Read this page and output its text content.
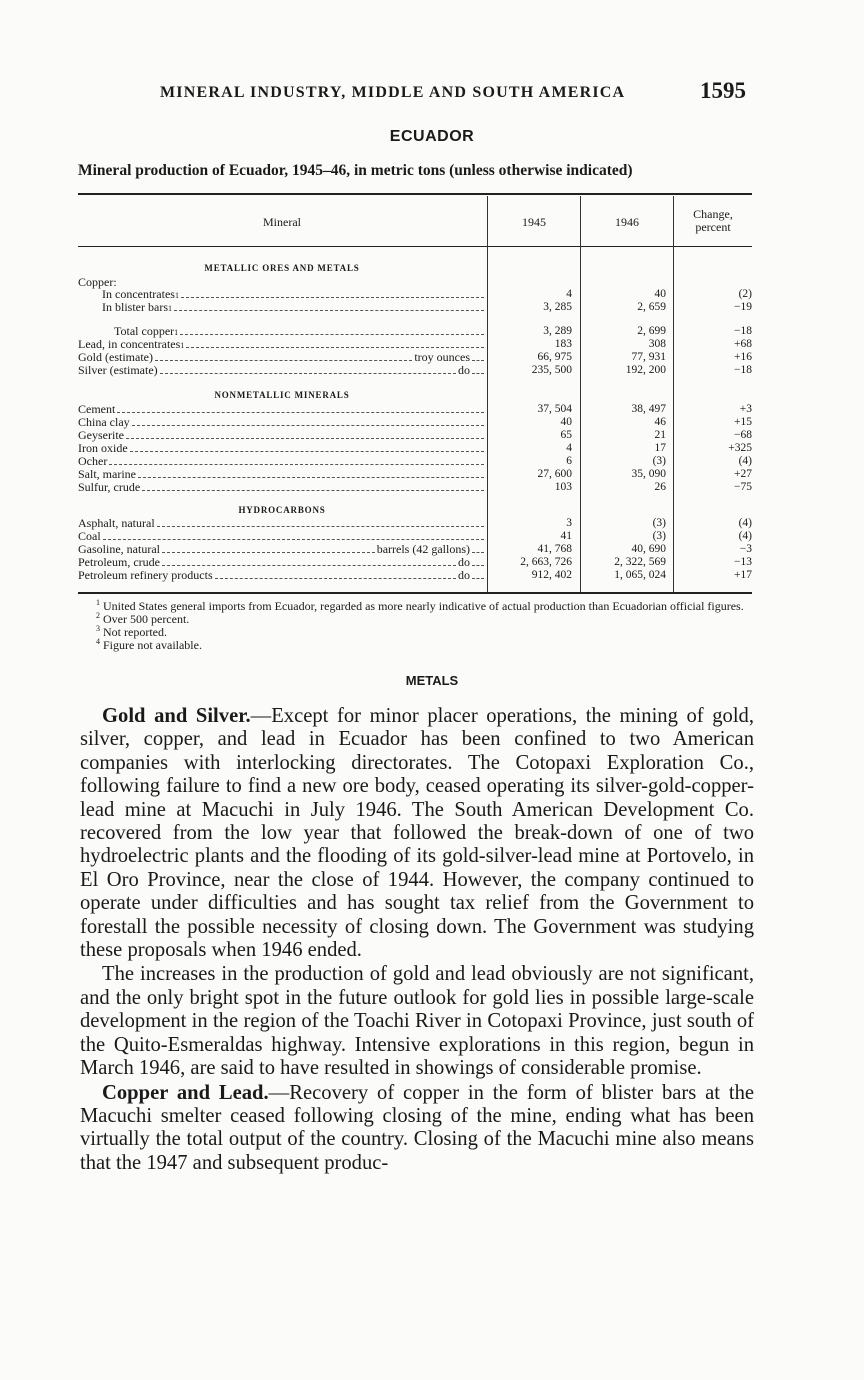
MINERAL INDUSTRY, MIDDLE AND SOUTH AMERICA	1595
ECUADOR
Mineral production of Ecuador, 1945–46, in metric tons (unless otherwise indicated)
Mineral	1945	1946
Change,
percent
METALLIC ORES AND METALS
NONMETALLIC MINERALS
HYDROCARBONS
Copper:
In concentrates 1	4	40	(2)
In blister bars 1	3, 285	2, 659	−19
Total copper 1	3, 289	2, 699	−18
Lead, in concentrates 1	183	308	+68
Gold (estimate)	troy ounces	66, 975	77, 931	+16
Silver (estimate)	do	235, 500	192, 200	−18
Cement	37, 504	38, 497	+3
China clay	40	46	+15
Geyserite	65	21	−68
Iron oxide	4	17	+325
Ocher	6	(3)	(4)
Salt, marine	27, 600	35, 090	+27
Sulfur, crude	103	26	−75
Asphalt, natural	3	(3)	(4)
Coal	41	(3)	(4)
Gasoline, natural	barrels (42 gallons)	41, 768	40, 690	−3
Petroleum, crude	do	2, 663, 726	2, 322, 569	−13
Petroleum refinery products	do	912, 402	1, 065, 024	+17
$^1$ United States general imports from Ecuador, regarded as more nearly indicative of actual production than Ecuadorian official figures.
$^2$ Over 500 percent.
$^3$ Not reported.
$^4$ Figure not available.
METALS

Gold and Silver.—Except for minor placer operations, the mining of gold, silver, copper, and lead in Ecuador has been confined to two American companies with interlocking directorates. The Cotopaxi Exploration Co., following failure to find a new ore body, ceased operating its silver-gold-copper-lead mine at Macuchi in July 1946. The South American Development Co. recovered from the low year that followed the break-down of one of two hydroelectric plants and the flooding of its gold-silver-lead mine at Portovelo, in El Oro Province, near the close of 1944. However, the company continued to operate under difficulties and has sought tax relief from the Government to forestall the possible necessity of closing down. The Government was studying these proposals when 1946 ended.

The increases in the production of gold and lead obviously are not significant, and the only bright spot in the future outlook for gold lies in possible large-scale development in the region of the Toachi River in Cotopaxi Province, just south of the Quito-Esmeraldas highway. Intensive explorations in this region, begun in March 1946, are said to have resulted in showings of considerable promise.

Copper and Lead.—Recovery of copper in the form of blister bars at the Macuchi smelter ceased following closing of the mine, ending what has been virtually the total output of the country. Closing of the Macuchi mine also means that the 1947 and subsequent produc-
